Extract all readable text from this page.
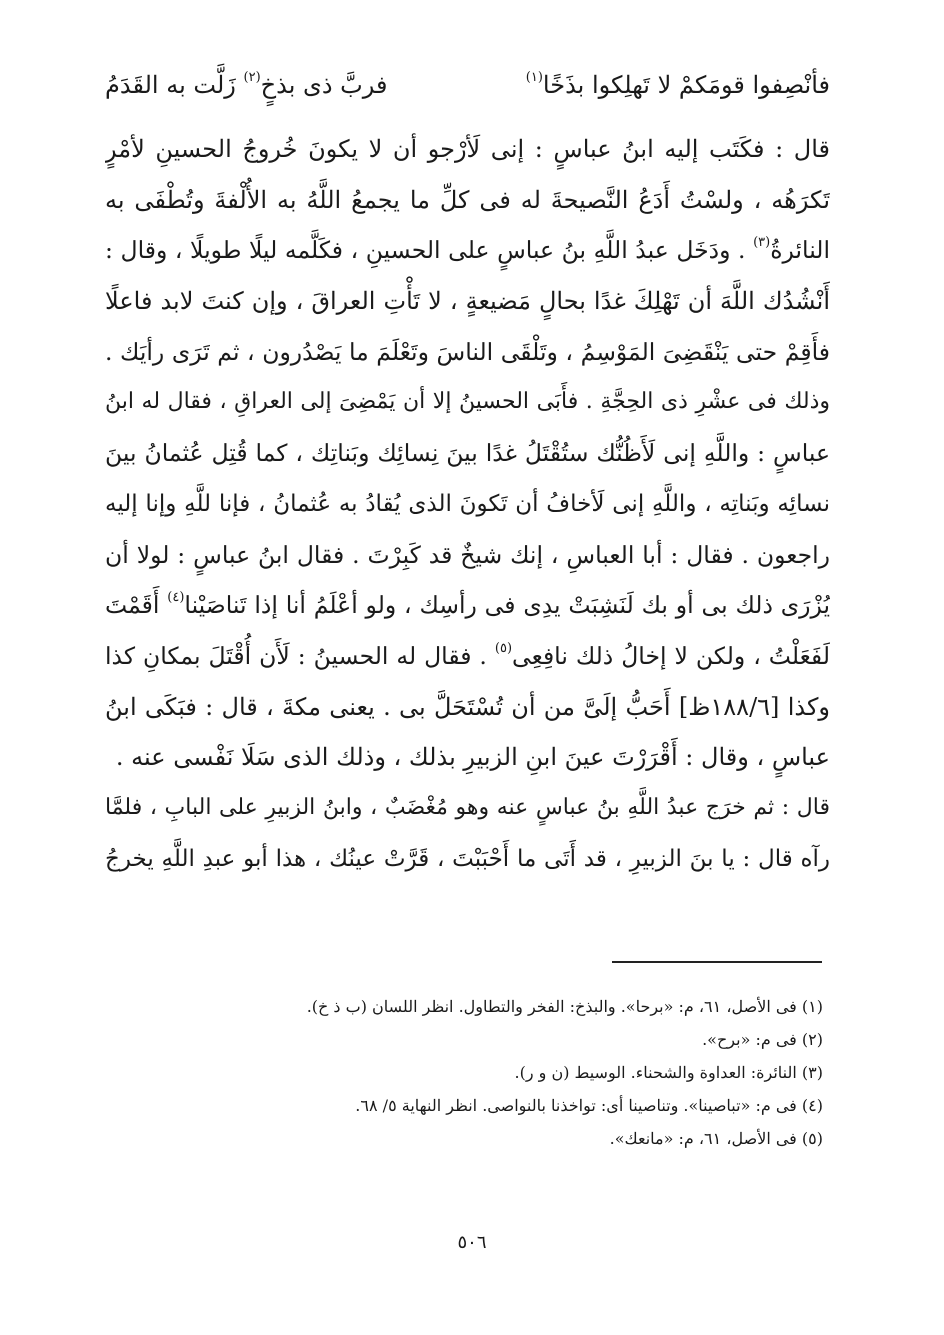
فأنْصِفوا قومَكمْ لا تَهلِكوا بذَخًا$^{(١)}$
فربَّ ذى بذخٍ$^{(٢)}$ زَلَّت به القَدَمُ
قال : فكَتَب إليه ابنُ عباسٍ : إنى لَأرْجو أن لا يكونَ خُروجُ الحسينِ لأمْرٍ
تَكرَهُه ، ولسْتُ أَدَعُ النَّصيحةَ له فى كلِّ ما يجمعُ اللَّهُ به الأُلْفةَ وتُطْفَى به
النائرةُ$^{(٣)}$ . ودَخَل عبدُ اللَّهِ بنُ عباسٍ على الحسينِ ، فكَلَّمه ليلًا طويلًا ، وقال :
أَنْشُدُك اللَّهَ أن تَهْلِكَ غدًا بحالٍ مَضيعةٍ ، لا تَأْتِ العراقَ ، وإن كنتَ لابد فاعلًا
فأَقِمْ حتى يَنْقَضِىَ المَوْسِمُ ، وتَلْقَى الناسَ وتَعْلَمَ ما يَصْدُرون ، ثم تَرَى رأيَك .
وذلك فى عشْرِ ذى الحِجَّةِ . فأَبَى الحسينُ إلا أن يَمْضِىَ إلى العراقِ ، فقال له ابنُ
عباسٍ : واللَّهِ إنى لَأَظُنُّك ستُقْتَلُ غدًا بينَ نِسائِك وبَناتِك ، كما قُتِل عُثمانُ بينَ
نسائِه وبَناتِه ، واللَّهِ إنى لَأخافُ أن تَكونَ الذى يُقادُ به عُثمانُ ، فإنا للَّهِ وإنا إليه
راجعون . فقال : أبا العباسِ ، إنك شيخٌ قد كَبِرْتَ . فقال ابنُ عباسٍ : لولا أن
يُزْرَى ذلك بى أو بك لَنَشِبَتْ يدِى فى رأسِك ، ولو أعْلَمُ أنا إذا تَناصَيْنا$^{(٤)}$ أَقَمْتَ
لَفَعَلْتُ ، ولكن لا إخالُ ذلك نافِعِى$^{(٥)}$ . فقال له الحسينُ : لَأَن أُقْتَلَ بمكانِ كذا
وكذا [١٨٨/٦ظ] أَحَبُّ إلَىَّ من أن تُسْتَحَلَّ بى . يعنى مكةَ ، قال : فبَكَى ابنُ
عباسٍ ، وقال : أَقْرَرْتَ عينَ ابنِ الزبيرِ بذلك ، وذلك الذى سَلَا نَفْسى عنه .
قال : ثم خرَج عبدُ اللَّهِ بنُ عباسٍ عنه وهو مُغْضَبٌ ، وابنُ الزبيرِ على البابِ ، فلمَّا
رآه قال : يا بنَ الزبيرِ ، قد أَتَى ما أَحْبَبْتَ ، قَرَّتْ عينُك ، هذا أبو عبدِ اللَّهِ يخرجُ
(١) فى الأصل، ٦١، م: «برحا». والبذخ: الفخر والتطاول. انظر اللسان (ب ذ خ).
(٢) فى م: «برح».
(٣) النائرة: العداوة والشحناء. الوسيط (ن و ر).
(٤) فى م: «تباصينا». وتناصينا أى: تواخذنا بالنواصى. انظر النهاية ٥/ ٦٨.
(٥) فى الأصل، ٦١، م: «مانعك».
٥٠٦
